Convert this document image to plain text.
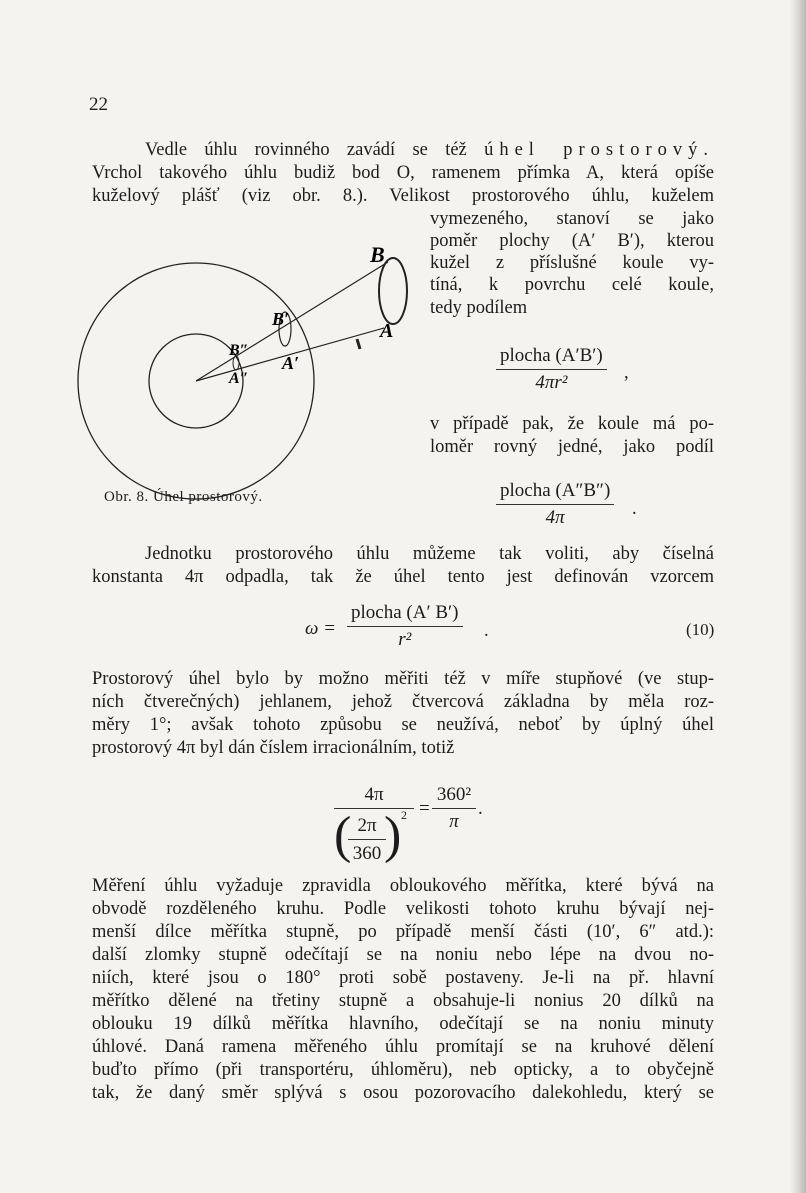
22
Vedle úhlu rovinného zavádí se též úhel prostorový.
Vrchol takového úhlu budiž bod O, ramenem přímka A, která opíše
kuželový plášť (viz obr. 8.). Velikost prostorového úhlu, kuželem
vymezeného, stanoví se jako
poměr plochy (A′ B′), kterou
kužel z příslušné koule vy-
tíná, k povrchu celé koule,
tedy podílem
plocha (A′B′)
4πr²	,
v případě pak, že koule má po-
loměr rovný jedné, jako podíl
plocha (A″B″)
4π	.
B
A
B′
A′
B″
A″
Obr. 8. Úhel prostorový.
Jednotku prostorového úhlu můžeme tak voliti, aby číselná
konstanta 4π odpadla, tak že úhel tento jest definován vzorcem
ω =
plocha (A′ B′)
r²	.	(10)
Prostorový úhel bylo by možno měřiti též v míře stupňové (ve stup-
ních čtverečných) jehlanem, jehož čtvercová základna by měla roz-
měry 1°; avšak tohoto způsobu se neužívá, neboť by úplný úhel
prostorový 4π byl dán číslem irracionálním, totiž
4π
( 2π
360 ) 2 =
360²
π
.
Měření úhlu vyžaduje zpravidla obloukového měřítka, které bývá na
obvodě rozděleného kruhu. Podle velikosti tohoto kruhu bývají nej-
menší dílce měřítka stupně, po případě menší části (10′, 6″ atd.):
další zlomky stupně odečítají se na noniu nebo lépe na dvou no-
niích, které jsou o 180° proti sobě postaveny. Je-li na př. hlavní
měřítko dělené na třetiny stupně a obsahuje-li nonius 20 dílků na
oblouku 19 dílků měřítka hlavního, odečítají se na noniu minuty
úhlové. Daná ramena měřeného úhlu promítají se na kruhové dělení
buďto přímo (při transportéru, úhloměru), neb opticky, a to obyčejně
tak, že daný směr splývá s osou pozorovacího dalekohledu, který se
